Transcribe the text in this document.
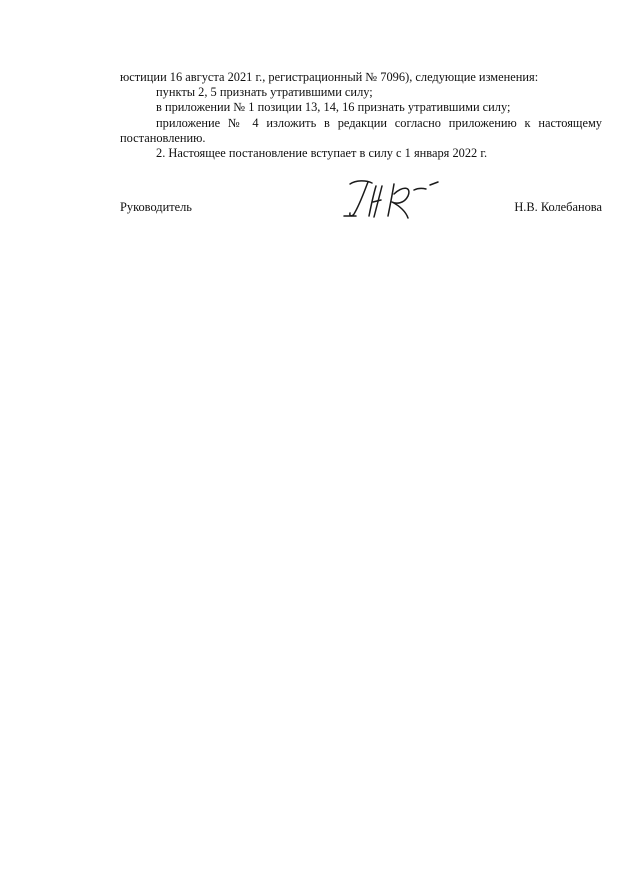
юстиции 16 августа 2021 г., регистрационный № 7096), следующие изменения:

пункты 2, 5 признать утратившими силу;

в приложении № 1 позиции 13, 14, 16 признать утратившими силу;

приложение № 4 изложить в редакции согласно приложению к настоящему постановлению.

2. Настоящее постановление вступает в силу с 1 января 2022 г.

Руководитель	Н.В. Колебанова
